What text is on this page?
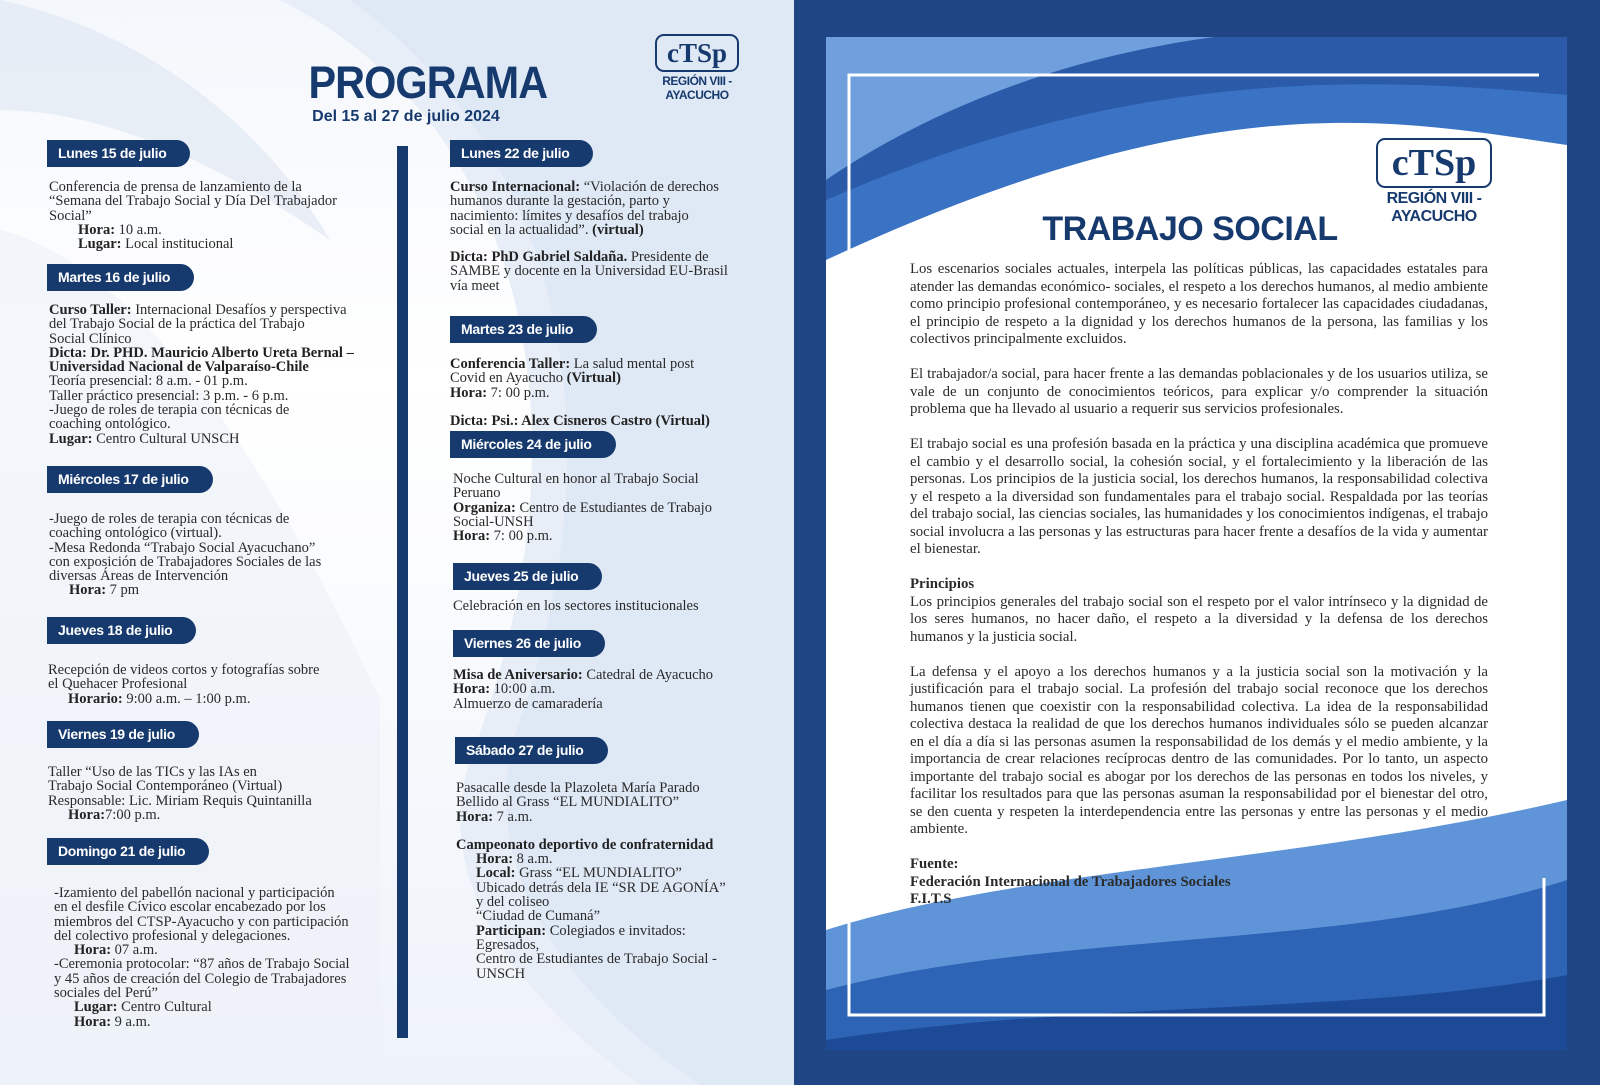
cTSp
REGIÓN VIII - AYACUCHO
PROGRAMA
Del 15 al 27 de julio 2024
Lunes 15 de julio

Conferencia de prensa de lanzamiento de la

“Semana del Trabajo Social y Día Del Trabajador

Social”

Hora: 10 a.m.

Lugar: Local institucional

Martes 16 de julio

Curso Taller: Internacional Desafíos y perspectiva

del Trabajo Social de la práctica del Trabajo

Social Clínico

Dicta: Dr. PHD. Mauricio Alberto Ureta Bernal –

Universidad Nacional de Valparaíso-Chile

Teoría presencial: 8 a.m. - 01 p.m.

Taller práctico presencial: 3 p.m. - 6 p.m.

-Juego de roles de terapia con técnicas de

coaching ontológico.

Lugar: Centro Cultural UNSCH

Miércoles 17 de julio

-Juego de roles de terapia con técnicas de

coaching ontológico (virtual).

-Mesa Redonda “Trabajo Social Ayacuchano”

con exposición de Trabajadores Sociales de las

diversas Áreas de Intervención

Hora: 7 pm

Jueves 18 de julio

Recepción de videos cortos y fotografías sobre

el Quehacer Profesional

Horario: 9:00 a.m. – 1:00 p.m.

Viernes 19 de julio

Taller “Uso de las TICs y las IAs en

Trabajo Social Contemporáneo (Virtual)

Responsable: Lic. Miriam Requis Quintanilla

Hora:7:00 p.m.

Domingo 21 de julio

-Izamiento del pabellón nacional y participación

en el desfile Cívico escolar encabezado por los

miembros del CTSP-Ayacucho y con participación

del colectivo profesional y delegaciones.

Hora: 07 a.m.

-Ceremonia protocolar: “87 años de Trabajo Social

y 45 años de creación del Colegio de Trabajadores

sociales del Perú”

Lugar: Centro Cultural

Hora: 9 a.m.

Lunes 22 de julio

Curso Internacional: “Violación de derechos

humanos durante la gestación, parto y

nacimiento: límites y desafíos del trabajo

social en la actualidad”. (virtual)

Dicta: PhD Gabriel Saldaña. Presidente de

SAMBE y docente en la Universidad EU-Brasil

vía meet

Martes 23 de julio

Conferencia Taller: La salud mental post

Covid en Ayacucho (Virtual)

Hora: 7: 00 p.m.

Dicta: Psi.: Alex Cisneros Castro (Virtual)

Miércoles 24 de julio

Noche Cultural en honor al Trabajo Social

Peruano

Organiza: Centro de Estudiantes de Trabajo

Social-UNSH

Hora: 7: 00 p.m.

Jueves 25 de julio

Celebración en los sectores institucionales

Viernes 26 de julio

Misa de Aniversario: Catedral de Ayacucho

Hora: 10:00 a.m.

Almuerzo de camaradería

Sábado 27 de julio

Pasacalle desde la Plazoleta María Parado

Bellido al Grass “EL MUNDIALITO”

Hora: 7 a.m.

Campeonato deportivo de confraternidad

Hora: 8 a.m.

Local: Grass “EL MUNDIALITO”

Ubicado detrás dela IE “SR DE AGONÍA”

y del coliseo

“Ciudad de Cumaná”

Participan: Colegiados e invitados:

Egresados,

Centro de Estudiantes de Trabajo Social -

UNSCH

cTSp
REGIÓN VIII - AYACUCHO
TRABAJO SOCIAL

Los escenarios sociales actuales, interpela las políticas públicas, las capacidades estatales para atender las demandas económico- sociales, el respeto a los derechos humanos, al medio ambiente como principio profesional contemporáneo, y es necesario fortalecer las capacidades ciudadanas, el principio de respeto a la dignidad y los derechos humanos de la persona, las familias y los colectivos principalmente excluidos.

El trabajador/a social, para hacer frente a las demandas poblacionales y de los usuarios utiliza, se vale de un conjunto de conocimientos teóricos, para explicar y/o comprender la situación problema que ha llevado al usuario a requerir sus servicios profesionales.

El trabajo social es una profesión basada en la práctica y una disciplina académica que promueve el cambio y el desarrollo social, la cohesión social, y el fortalecimiento y la liberación de las personas. Los principios de la justicia social, los derechos humanos, la responsabilidad colectiva y el respeto a la diversidad son fundamentales para el trabajo social. Respaldada por las teorías del trabajo social, las ciencias sociales, las humanidades y los conocimientos indígenas, el trabajo social involucra a las personas y las estructuras para hacer frente a desafíos de la vida y aumentar el bienestar.

Principios

Los principios generales del trabajo social son el respeto por el valor intrínseco y la dignidad de los seres humanos, no hacer daño, el respeto a la diversidad y la defensa de los derechos humanos y la justicia social.

La defensa y el apoyo a los derechos humanos y a la justicia social son la motivación y la justificación para el trabajo social. La profesión del trabajo social reconoce que los derechos humanos tienen que coexistir con la responsabilidad colectiva. La idea de la responsabilidad colectiva destaca la realidad de que los derechos humanos individuales sólo se pueden alcanzar en el día a día si las personas asumen la responsabilidad de los demás y el medio ambiente, y la importancia de crear relaciones recíprocas dentro de las comunidades. Por lo tanto, un aspecto importante del trabajo social es abogar por los derechos de las personas en todos los niveles, y facilitar los resultados para que las personas asuman la responsabilidad por el bienestar del otro, se den cuenta y respeten la interdependencia entre las personas y entre las personas y el medio ambiente.

Fuente:

Federación Internacional de Trabajadores Sociales

F.I.T.S
